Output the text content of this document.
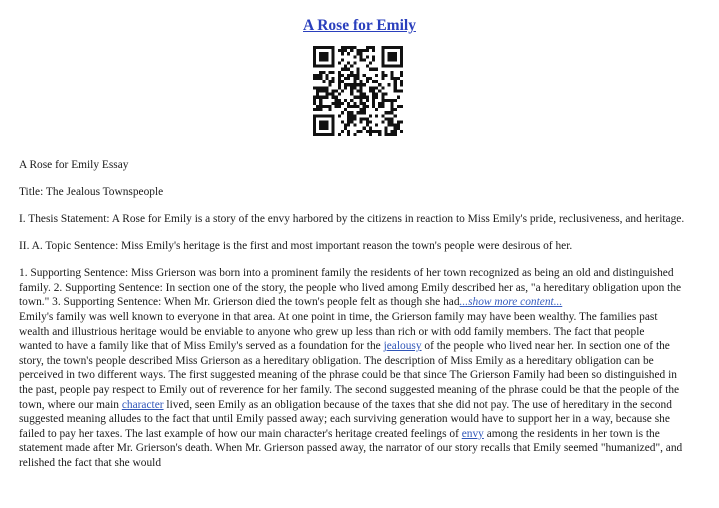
A Rose for Emily
A Rose for Emily Essay
Title: The Jealous Townspeople
I. Thesis Statement: A Rose for Emily is a story of the envy harbored by the citizens in reaction to Miss Emily's pride, reclusiveness, and heritage.
II. A. Topic Sentence: Miss Emily's heritage is the first and most important reason the town's people were desirous of her.
1. Supporting Sentence: Miss Grierson was born into a prominent family the residents of her town recognized as being an old and distinguished
family. 2. Supporting Sentence: In section one of the story, the people who lived among Emily described her as, "a hereditary obligation upon the
town." 3. Supporting Sentence: When Mr. Grierson died the town's people felt as though she had...show more content...
Emily's family was well known to everyone in that area. At one point in time, the Grierson family may have been wealthy. The families past
wealth and illustrious heritage would be enviable to anyone who grew up less than rich or with odd family members. The fact that people
wanted to have a family like that of Miss Emily's served as a foundation for the jealousy of the people who lived near her. In section one of the
story, the town's people described Miss Grierson as a hereditary obligation. The description of Miss Emily as a hereditary obligation can be
perceived in two different ways. The first suggested meaning of the phrase could be that since The Grierson Family had been so distinguished in
the past, people pay respect to Emily out of reverence for her family. The second suggested meaning of the phrase could be that the people of the
town, where our main character lived, seen Emily as an obligation because of the taxes that she did not pay. The use of hereditary in the second
suggested meaning alludes to the fact that until Emily passed away; each surviving generation would have to support her in a way, because she
failed to pay her taxes. The last example of how our main character's heritage created feelings of envy among the residents in her town is the
statement made after Mr. Grierson's death. When Mr. Grierson passed away, the narrator of our story recalls that Emily seemed "humanized", and
relished the fact that she would
